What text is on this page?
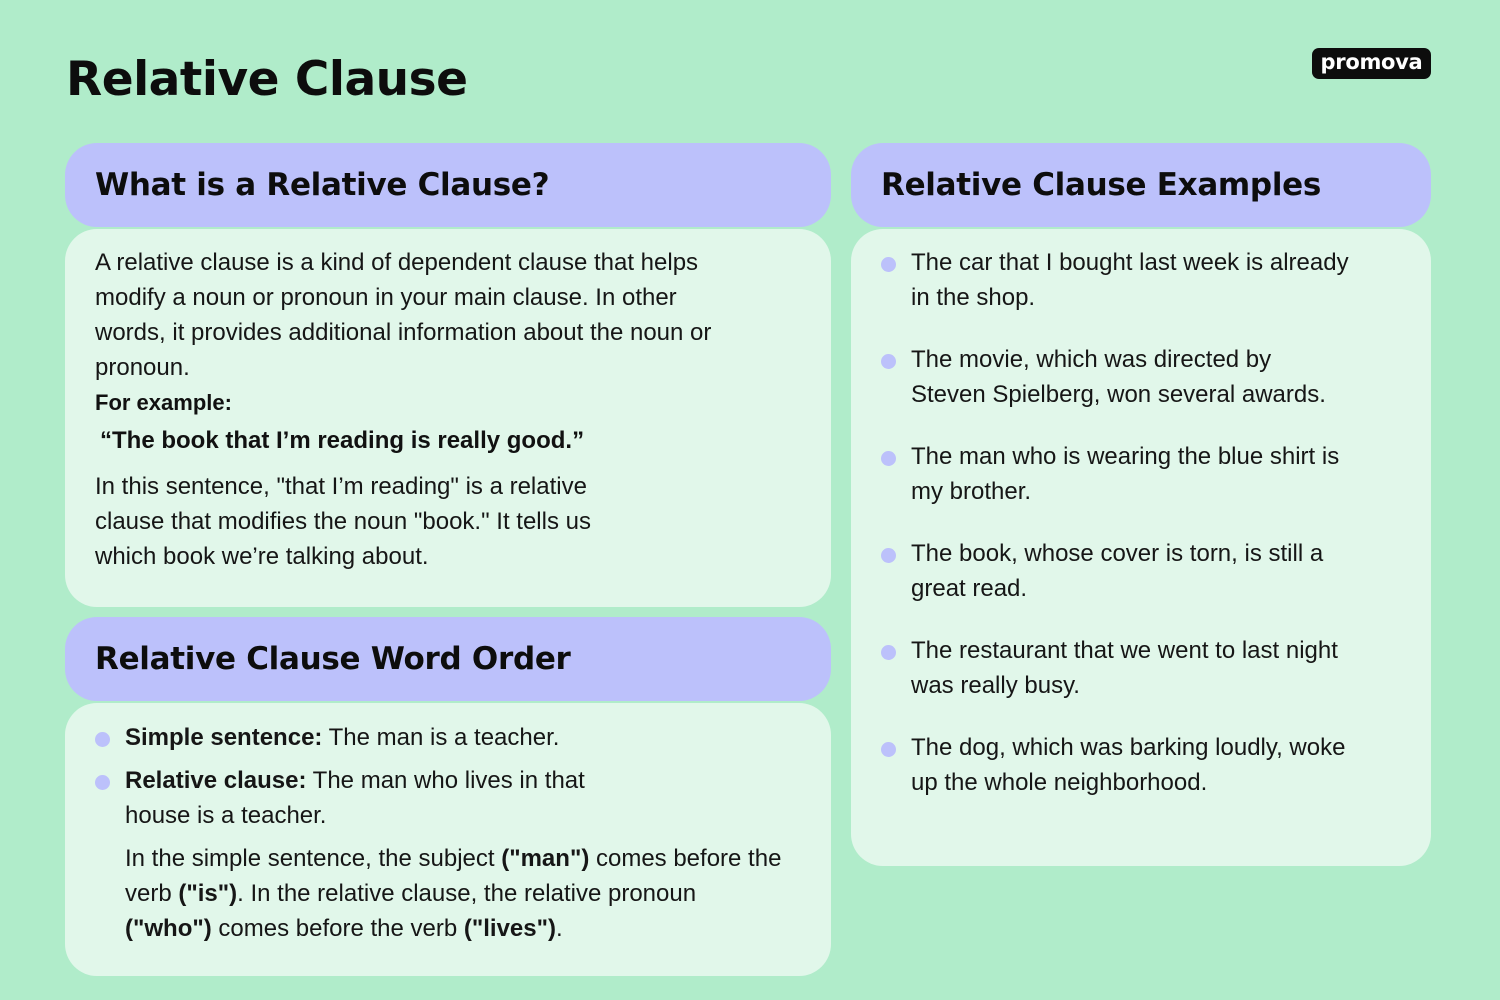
Relative Clause	promova
What is a Relative Clause?

A relative clause is a kind of dependent clause that helps modify a noun or pronoun in your main clause. In other words, it provides additional information about the noun or pronoun.

For example:

“The book that I’m reading is really good.”

In this sentence, "that I’m reading" is a relative clause that modifies the noun "book." It tells us which book we’re talking about.

Relative Clause Word Order
Simple sentence: The man is a teacher.
Relative clause: The man who lives in that house is a teacher.

In the simple sentence, the subject ("man") comes before the verb ("is"). In the relative clause, the relative pronoun ("who") comes before the verb ("lives").

Relative Clause Examples
The car that I bought last week is already in the shop.
The movie, which was directed by Steven Spielberg, won several awards.
The man who is wearing the blue shirt is my brother.
The book, whose cover is torn, is still a great read.
The restaurant that we went to last night was really busy.
The dog, which was barking loudly, woke up the whole neighborhood.
